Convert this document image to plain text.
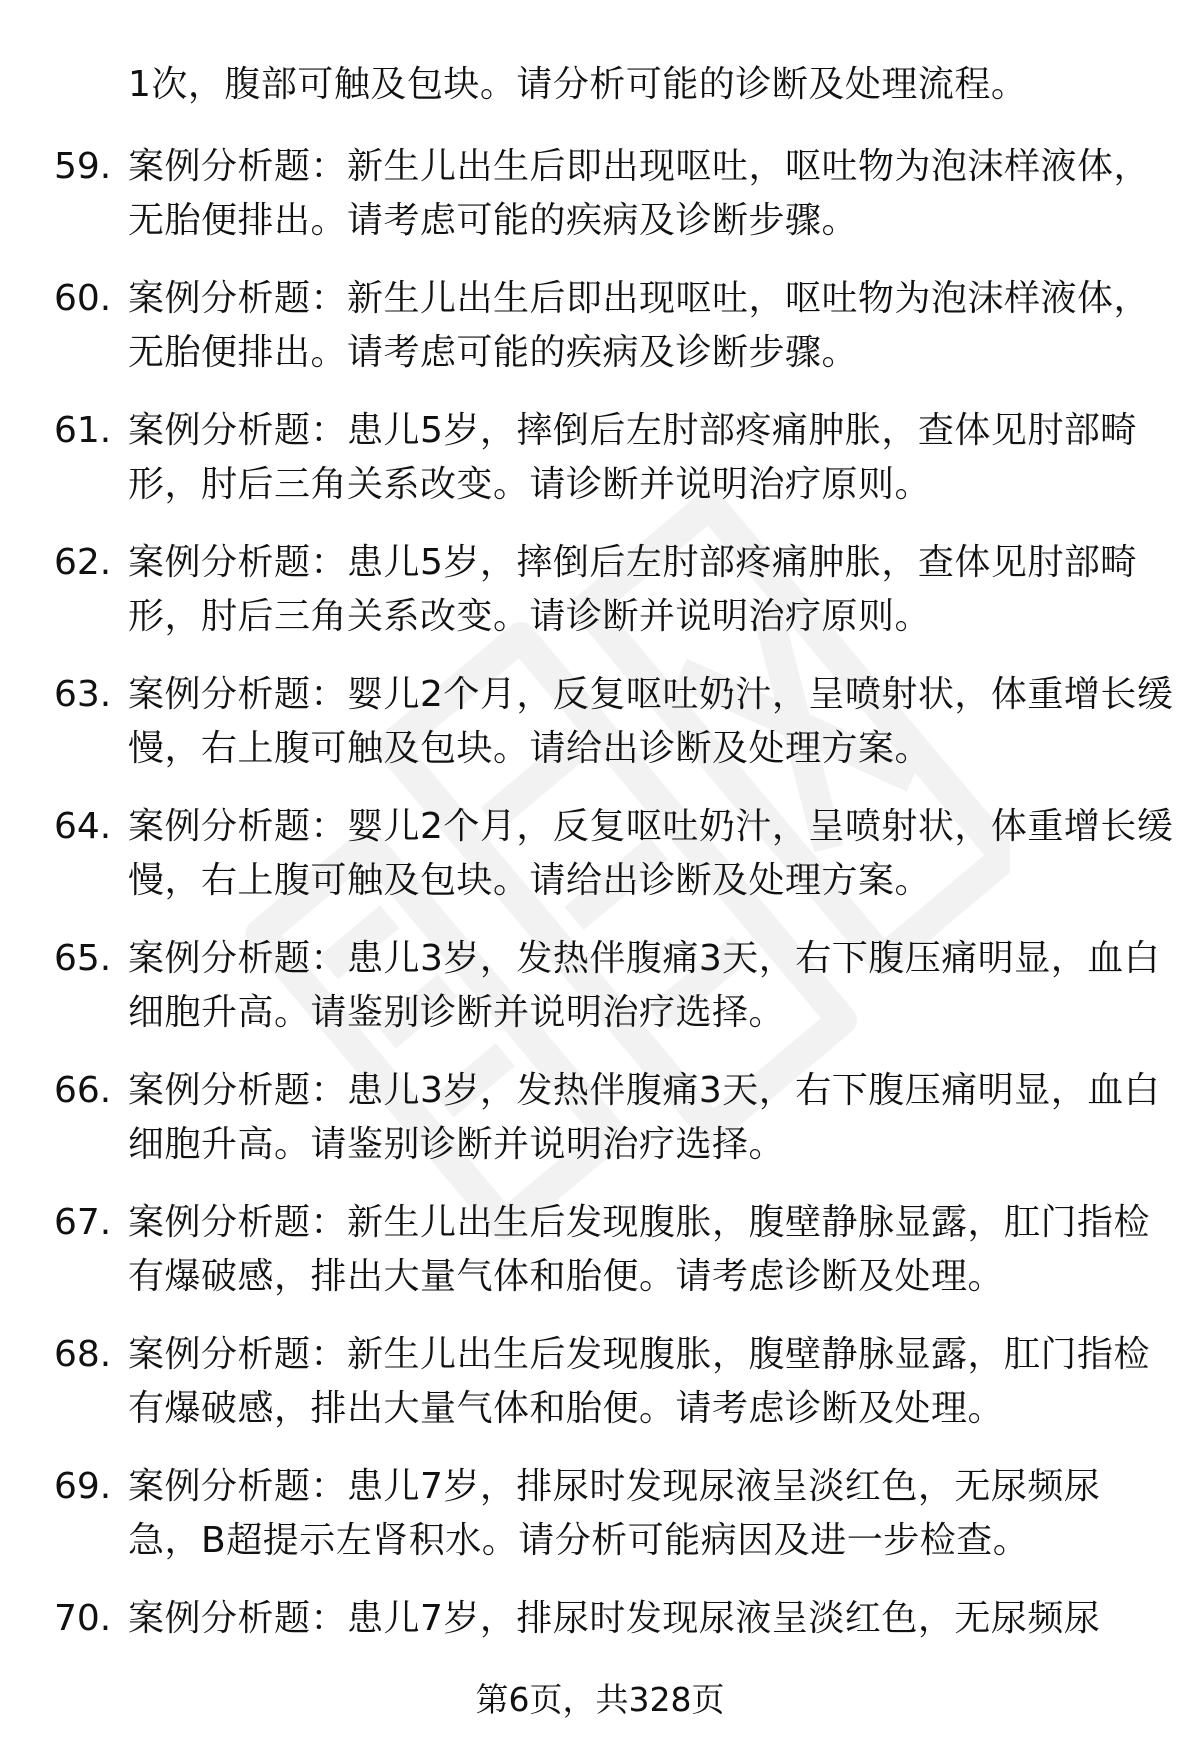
1次，腹部可触及包块。请分析可能的诊断及处理流程。
59. 案例分析题：新生儿出生后即出现呕吐，呕吐物为泡沫样液体，
无胎便排出。请考虑可能的疾病及诊断步骤。
60. 案例分析题：新生儿出生后即出现呕吐，呕吐物为泡沫样液体，
无胎便排出。请考虑可能的疾病及诊断步骤。
61. 案例分析题：患儿5岁，摔倒后左肘部疼痛肿胀，查体见肘部畸
形，肘后三角关系改变。请诊断并说明治疗原则。
62. 案例分析题：患儿5岁，摔倒后左肘部疼痛肿胀，查体见肘部畸
形，肘后三角关系改变。请诊断并说明治疗原则。
63. 案例分析题：婴儿2个月，反复呕吐奶汁，呈喷射状，体重增长缓
慢，右上腹可触及包块。请给出诊断及处理方案。
64. 案例分析题：婴儿2个月，反复呕吐奶汁，呈喷射状，体重增长缓
慢，右上腹可触及包块。请给出诊断及处理方案。
65. 案例分析题：患儿3岁，发热伴腹痛3天，右下腹压痛明显，血白
细胞升高。请鉴别诊断并说明治疗选择。
66. 案例分析题：患儿3岁，发热伴腹痛3天，右下腹压痛明显，血白
细胞升高。请鉴别诊断并说明治疗选择。
67. 案例分析题：新生儿出生后发现腹胀，腹壁静脉显露，肛门指检
有爆破感，排出大量气体和胎便。请考虑诊断及处理。
68. 案例分析题：新生儿出生后发现腹胀，腹壁静脉显露，肛门指检
有爆破感，排出大量气体和胎便。请考虑诊断及处理。
69. 案例分析题：患儿7岁，排尿时发现尿液呈淡红色，无尿频尿
急，B超提示左肾积水。请分析可能病因及进一步检查。
70. 案例分析题：患儿7岁，排尿时发现尿液呈淡红色，无尿频尿
第6页，共328页
